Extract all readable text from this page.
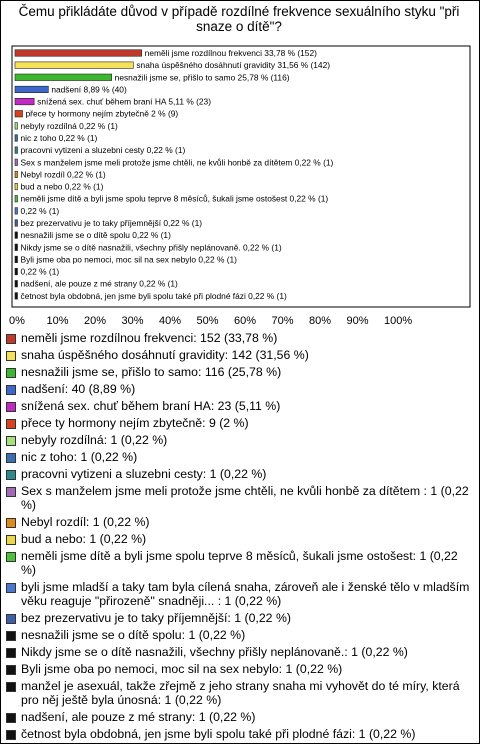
Čemu přikládáte důvod v případě rozdílné frekvence sexuálního styku "při snaze o dítě"?
neměli jsme rozdílnou frekvenci 33,78 % (152)
snaha úspěšného dosáhnutí gravidity 31,56 % (142)
nesnažili jsme se, přišlo to samo 25,78 % (116)
nadšení 8,89 % (40)
snížená sex. chuť během braní HA 5,11 % (23)
přece ty hormony nejím zbytečně 2 % (9)
nebyly rozdílná 0,22 % (1)
nic z toho 0,22 % (1)
pracovni vytizeni a sluzebni cesty 0,22 % (1)
Sex s manželem jsme meli protože jsme chtěli, ne kvůli honbě za dítětem 0,22 % (1)
Nebyl rozdíl 0,22 % (1)
bud a nebo 0,22 % (1)
neměli jsme dítě a byli jsme spolu teprve 8 měsíců, šukali jsme ostošest 0,22 % (1)
0,22 % (1)
bez prezervativu je to taky příjemnější 0,22 % (1)
nesnažili jsme se o dítě spolu 0,22 % (1)
Nikdy jsme se o dítě nasnažili, všechny přišly neplánovaně. 0,22 % (1)
Byli jsme oba po nemoci, moc sil na sex nebylo 0,22 % (1)
0,22 % (1)
nadšení, ale pouze z mé strany 0,22 % (1)
četnost byla obdobná, jen jsme byli spolu také při plodné fázi 0,22 % (1)
0% 10% 20% 30% 40% 50% 60% 70% 80% 90% 100%
neměli jsme rozdílnou frekvenci: 152 (33,78 %)
snaha úspěšného dosáhnutí gravidity: 142 (31,56 %)
nesnažili jsme se, přišlo to samo: 116 (25,78 %)
nadšení: 40 (8,89 %)
snížená sex. chuť během braní HA: 23 (5,11 %)
přece ty hormony nejím zbytečně: 9 (2 %)
nebyly rozdílná: 1 (0,22 %)
nic z toho: 1 (0,22 %)
pracovni vytizeni a sluzebni cesty: 1 (0,22 %)
Sex s manželem jsme meli protože jsme chtěli, ne kvůli honbě za dítětem : 1 (0,22 %)
Nebyl rozdíl: 1 (0,22 %)
bud a nebo: 1 (0,22 %)
neměli jsme dítě a byli jsme spolu teprve 8 měsíců, šukali jsme ostošest: 1 (0,22 %)
byli jsme mladší a taky tam byla cílená snaha, zároveň ale i ženské tělo v mladším věku reaguje "přirozeně" snadněji... : 1 (0,22 %)
bez prezervativu je to taky příjemnější: 1 (0,22 %)
nesnažili jsme se o dítě spolu: 1 (0,22 %)
Nikdy jsme se o dítě nasnažili, všechny přišly neplánovaně.: 1 (0,22 %)
Byli jsme oba po nemoci, moc sil na sex nebylo: 1 (0,22 %)
manžel je asexuál, takže zřejmě z jeho strany snaha mi vyhovět do té míry, která pro něj ještě byla únosná: 1 (0,22 %)
nadšení, ale pouze z mé strany: 1 (0,22 %)
četnost byla obdobná, jen jsme byli spolu také při plodné fázi: 1 (0,22 %)
